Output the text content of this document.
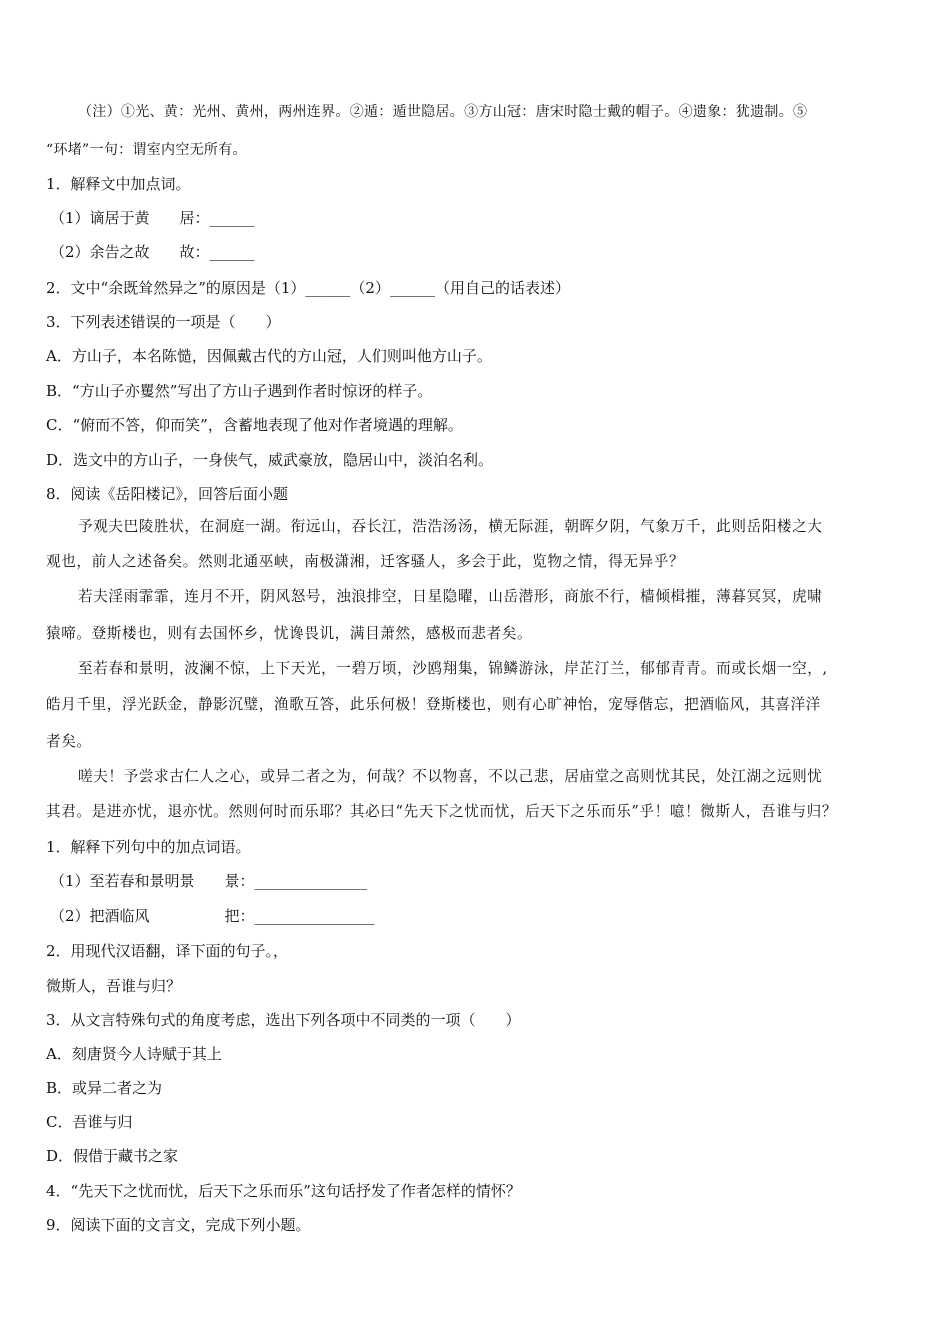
（注）①光、黄：光州、黄州，两州连界。②遁：遁世隐居。③方山冠：唐宋时隐士戴的帽子。④遗象：犹遗制。⑤
“环堵”一句：谓室内空无所有。
1．解释文中加点词。
（1）谪居于黄　　居：______
（2）余告之故　　故：______
2．文中“余既耸然异之”的原因是（1）______（2）______（用自己的话表述）
3．下列表述错误的一项是（　　）
A．方山子，本名陈慥，因佩戴古代的方山冠，人们则叫他方山子。
B．“方山子亦矍然”写出了方山子遇到作者时惊讶的样子。
C．“俯而不答，仰而笑”，含蓄地表现了他对作者境遇的理解。
D．选文中的方山子，一身侠气，威武豪放，隐居山中，淡泊名利。
8．阅读《岳阳楼记》，回答后面小题
予观夫巴陵胜状，在洞庭一湖。衔远山，吞长江，浩浩汤汤，横无际涯，朝晖夕阴，气象万千，此则岳阳楼之大
观也，前人之述备矣。然则北通巫峡，南极潇湘，迁客骚人，多会于此，览物之情，得无异乎？
若夫淫雨霏霏，连月不开，阴风怒号，浊浪排空，日星隐曜，山岳潜形，商旅不行，樯倾楫摧，薄暮冥冥，虎啸
猿啼。登斯楼也，则有去国怀乡，忧谗畏讥，满目萧然，感极而悲者矣。
至若春和景明，波澜不惊，上下天光，一碧万顷，沙鸥翔集，锦鳞游泳，岸芷汀兰，郁郁青青。而或长烟一空，,
皓月千里，浮光跃金，静影沉璧，渔歌互答，此乐何极！登斯楼也，则有心旷神怡，宠辱偕忘，把酒临风，其喜洋洋
者矣。
嗟夫！予尝求古仁人之心，或异二者之为，何哉？不以物喜，不以己悲，居庙堂之高则忧其民，处江湖之远则忧
其君。是进亦忧，退亦忧。然则何时而乐耶？其必曰“先天下之忧而忧，后天下之乐而乐”乎！噫！微斯人，吾谁与归？
1．解释下列句中的加点词语。
（1）至若春和景明景　　景：_______________
（2）把酒临风　　　　　把：________________
2．用现代汉语翻，译下面的句子。，
微斯人，吾谁与归？
3．从文言特殊句式的角度考虑，选出下列各项中不同类的一项（　　）
A．刻唐贤今人诗赋于其上
B．或异二者之为
C．吾谁与归
D．假借于藏书之家
4．“先天下之忧而忧，后天下之乐而乐”这句话抒发了作者怎样的情怀？
9．阅读下面的文言文，完成下列小题。
